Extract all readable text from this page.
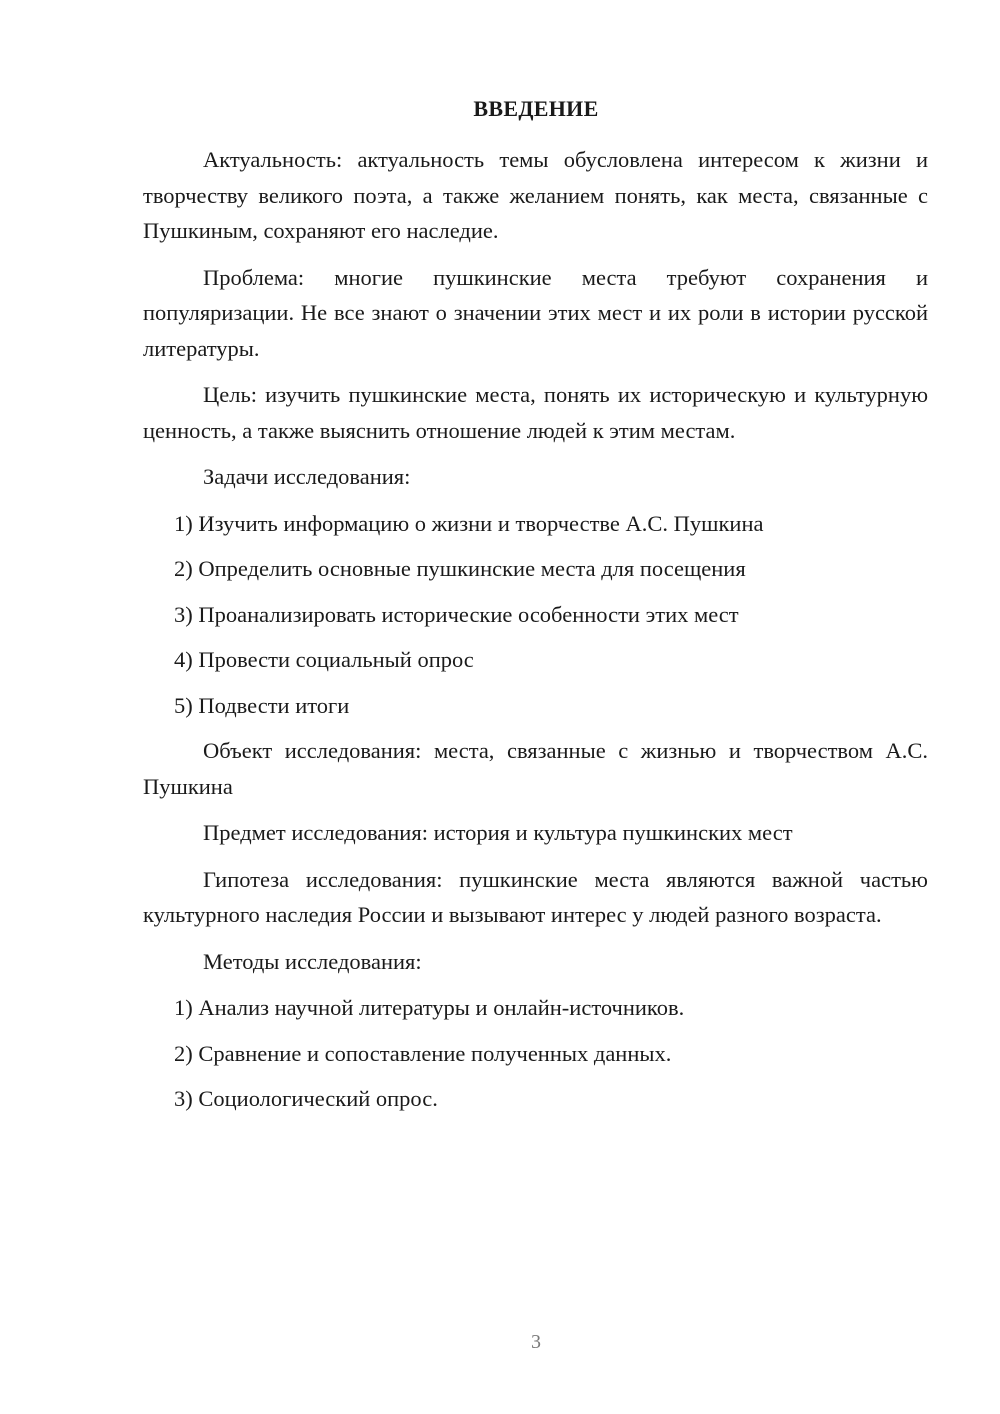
ВВЕДЕНИЕ

Актуальность: актуальность темы обусловлена интересом к жизни и творчеству великого поэта, а также желанием понять, как места, связанные с Пушкиным, сохраняют его наследие.

Проблема: многие пушкинские места требуют сохранения и популяризации. Не все знают о значении этих мест и их роли в истории русской литературы.

Цель: изучить пушкинские места, понять их историческую и культурную ценность, а также выяснить отношение людей к этим местам.

Задачи исследования:

1) Изучить информацию о жизни и творчестве А.С. Пушкина
2) Определить основные пушкинские места для посещения
3) Проанализировать исторические особенности этих мест
4) Провести социальный опрос
5) Подвести итоги

Объект исследования: места, связанные с жизнью и творчеством А.С. Пушкина

Предмет исследования: история и культура пушкинских мест

Гипотеза исследования: пушкинские места являются важной частью культурного наследия России и вызывают интерес у людей разного возраста.

Методы исследования:

1) Анализ научной литературы и онлайн-источников.
2) Сравнение и сопоставление полученных данных.
3) Социологический опрос.
3
